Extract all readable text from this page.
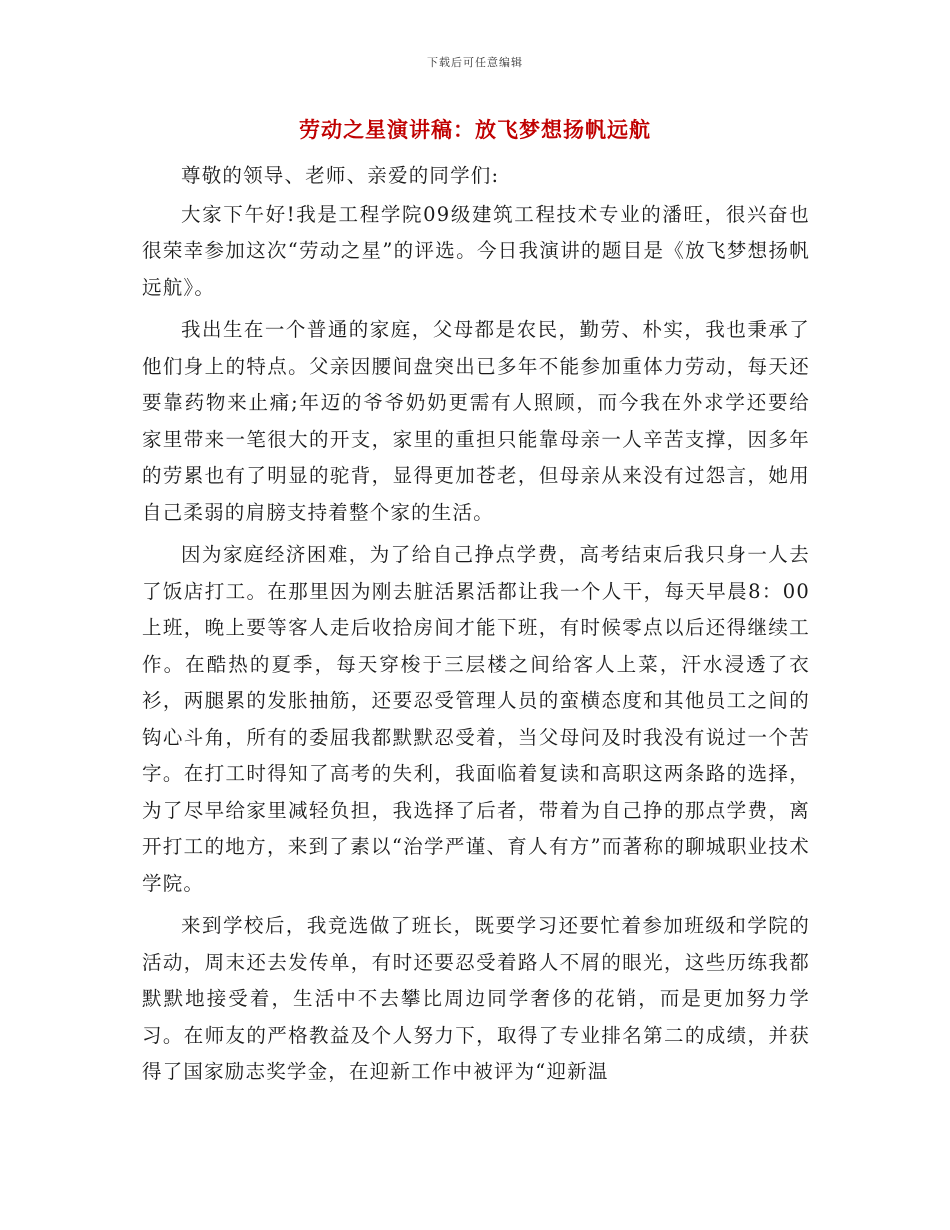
下载后可任意编辑
劳动之星演讲稿：放飞梦想扬帆远航

尊敬的领导、老师、亲爱的同学们:

大家下午好!我是工程学院09级建筑工程技术专业的潘旺，很兴奋也很荣幸参加这次“劳动之星”的评选。今日我演讲的题目是《放飞梦想扬帆远航》。

我出生在一个普通的家庭，父母都是农民，勤劳、朴实，我也秉承了他们身上的特点。父亲因腰间盘突出已多年不能参加重体力劳动，每天还要靠药物来止痛;年迈的爷爷奶奶更需有人照顾，而今我在外求学还要给家里带来一笔很大的开支，家里的重担只能靠母亲一人辛苦支撑，因多年的劳累也有了明显的驼背，显得更加苍老，但母亲从来没有过怨言，她用自己柔弱的肩膀支持着整个家的生活。

因为家庭经济困难，为了给自己挣点学费，高考结束后我只身一人去了饭店打工。在那里因为刚去脏活累活都让我一个人干，每天早晨8：00上班，晚上要等客人走后收拾房间才能下班，有时候零点以后还得继续工作。在酷热的夏季，每天穿梭于三层楼之间给客人上菜，汗水浸透了衣衫，两腿累的发胀抽筋，还要忍受管理人员的蛮横态度和其他员工之间的钩心斗角，所有的委屈我都默默忍受着，当父母问及时我没有说过一个苦字。在打工时得知了高考的失利，我面临着复读和高职这两条路的选择，为了尽早给家里减轻负担，我选择了后者，带着为自己挣的那点学费，离开打工的地方，来到了素以“治学严谨、育人有方”而著称的聊城职业技术学院。

来到学校后，我竞选做了班长，既要学习还要忙着参加班级和学院的活动，周末还去发传单，有时还要忍受着路人不屑的眼光，这些历练我都默默地接受着，生活中不去攀比周边同学奢侈的花销，而是更加努力学习。在师友的严格教益及个人努力下，取得了专业排名第二的成绩，并获得了国家励志奖学金，在迎新工作中被评为“迎新温
